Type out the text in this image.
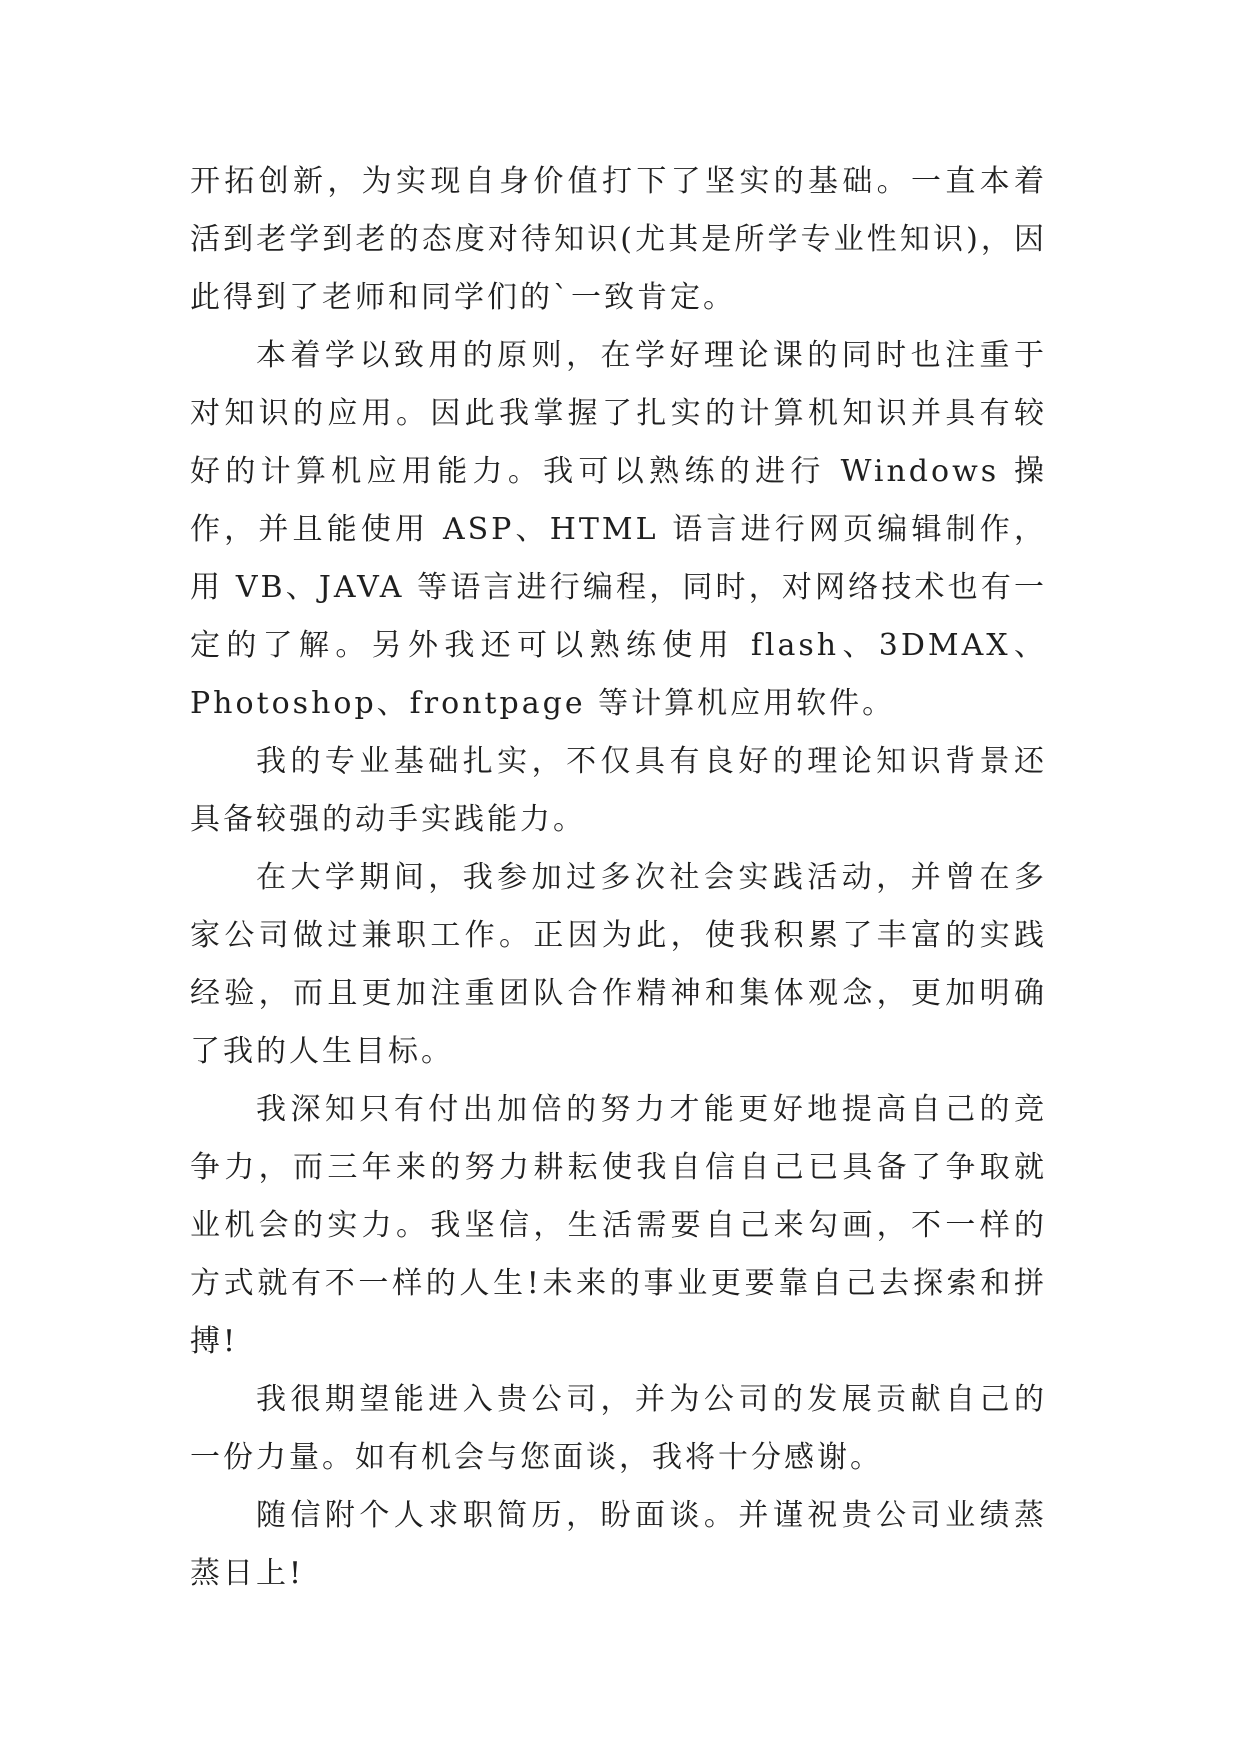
开拓创新，为实现自身价值打下了坚实的基础。一直本着活到老学到老的态度对待知识(尤其是所学专业性知识)，因此得到了老师和同学们的`一致肯定。

本着学以致用的原则，在学好理论课的同时也注重于对知识的应用。因此我掌握了扎实的计算机知识并具有较好的计算机应用能力。我可以熟练的进行 Windows 操作，并且能使用 ASP、HTML 语言进行网页编辑制作，用 VB、JAVA 等语言进行编程，同时，对网络技术也有一定的了解。另外我还可以熟练使用 flash、3DMAX、Photoshop、frontpage 等计算机应用软件。

我的专业基础扎实，不仅具有良好的理论知识背景还具备较强的动手实践能力。

在大学期间，我参加过多次社会实践活动，并曾在多家公司做过兼职工作。正因为此，使我积累了丰富的实践经验，而且更加注重团队合作精神和集体观念，更加明确了我的人生目标。

我深知只有付出加倍的努力才能更好地提高自己的竞争力，而三年来的努力耕耘使我自信自己已具备了争取就业机会的实力。我坚信，生活需要自己来勾画，不一样的方式就有不一样的人生!未来的事业更要靠自己去探索和拼搏!

我很期望能进入贵公司，并为公司的发展贡献自己的一份力量。如有机会与您面谈，我将十分感谢。

随信附个人求职简历，盼面谈。并谨祝贵公司业绩蒸蒸日上!
